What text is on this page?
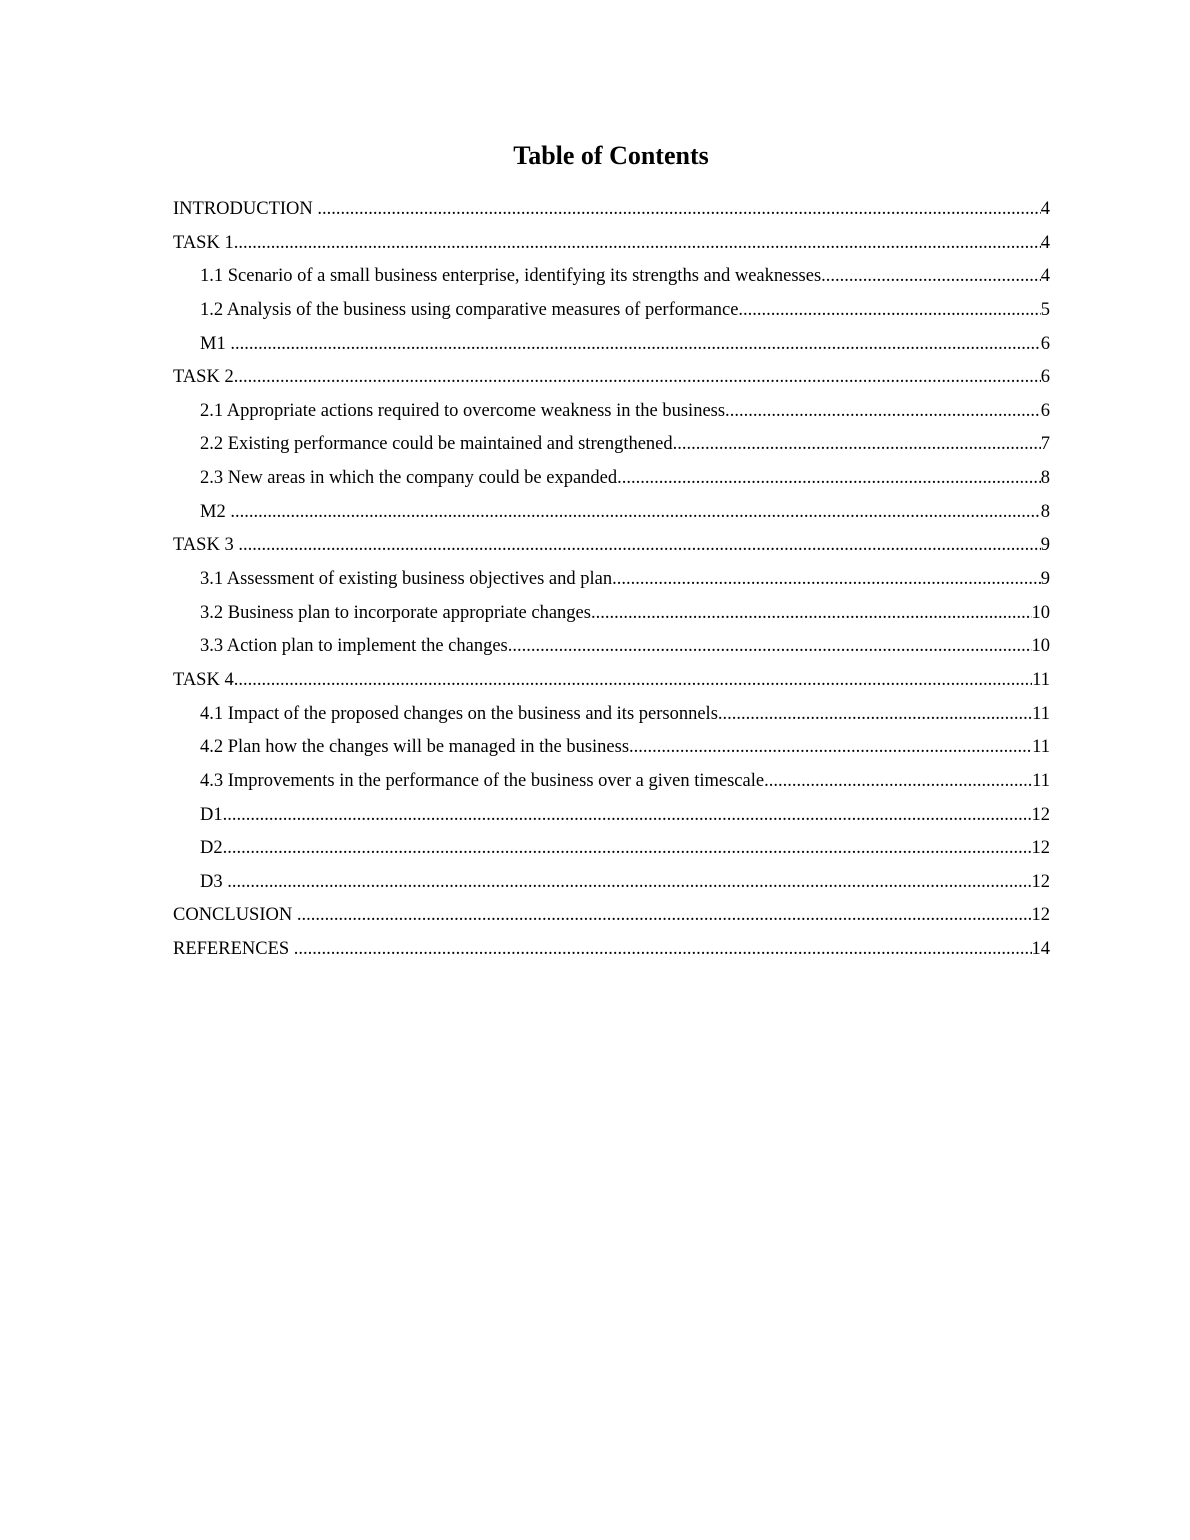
Table of Contents
INTRODUCTION .....	4
TASK 1 .....	4
1.1 Scenario of a small business enterprise, identifying its strengths and weaknesses. .....	4
1.2 Analysis of the business using comparative measures of performance. .....	5
M1 .....	6
TASK 2 .....	6
2.1 Appropriate actions required to overcome weakness in the business. .....	6
2.2 Existing performance could be maintained and strengthened. .....	7
2.3 New areas in which the company could be expanded. .....	8
M2 .....	8
TASK 3 .....	9
3.1 Assessment of existing business objectives and plan. .....	9
3.2 Business plan to incorporate appropriate changes. .....	10
3.3 Action plan to implement the changes. .....	10
TASK 4 .....	11
4.1 Impact of the proposed changes on the business and its personnels. .....	11
4.2 Plan how the changes will be managed in the business. .....	11
4.3 Improvements in the performance of the business over a given timescale. .....	11
D1 .....	12
D2 .....	12
D3 .....	12
CONCLUSION .....	12
REFERENCES .....	14
